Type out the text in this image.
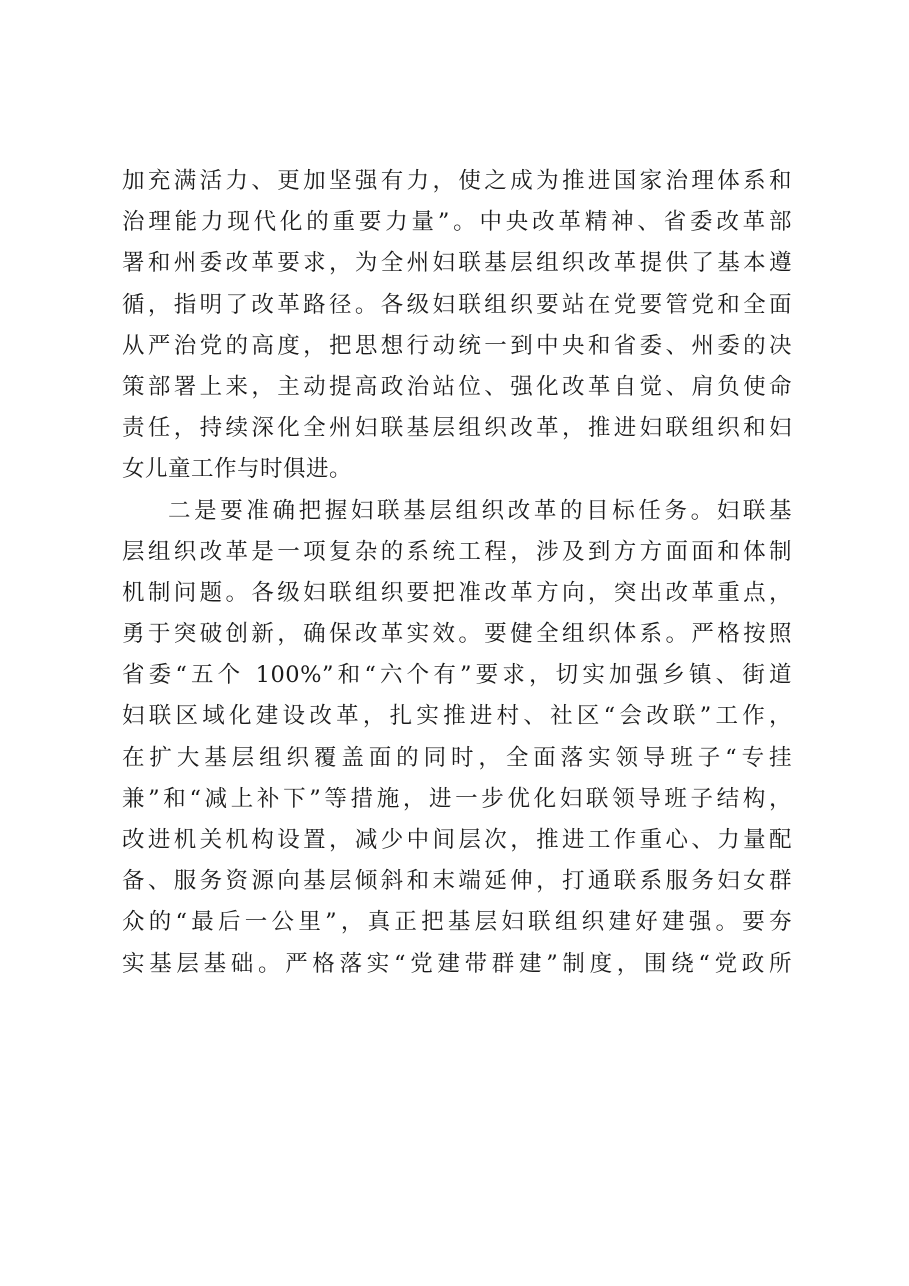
加充满活力、更加坚强有力，使之成为推进国家治理体系和
治理能力现代化的重要力量”。中央改革精神、省委改革部
署和州委改革要求，为全州妇联基层组织改革提供了基本遵
循，指明了改革路径。各级妇联组织要站在党要管党和全面
从严治党的高度，把思想行动统一到中央和省委、州委的决
策部署上来，主动提高政治站位、强化改革自觉、肩负使命
责任，持续深化全州妇联基层组织改革，推进妇联组织和妇
女儿童工作与时俱进。
二是要准确把握妇联基层组织改革的目标任务。妇联基
层组织改革是一项复杂的系统工程，涉及到方方面面和体制
机制问题。各级妇联组织要把准改革方向，突出改革重点，
勇于突破创新，确保改革实效。要健全组织体系。严格按照
省委“五个 100%”和“六个有”要求，切实加强乡镇、街道
妇联区域化建设改革，扎实推进村、社区“会改联”工作，
在扩大基层组织覆盖面的同时，全面落实领导班子“专挂
兼”和“减上补下”等措施，进一步优化妇联领导班子结构，
改进机关机构设置，减少中间层次，推进工作重心、力量配
备、服务资源向基层倾斜和末端延伸，打通联系服务妇女群
众的“最后一公里”，真正把基层妇联组织建好建强。要夯
实基层基础。严格落实“党建带群建”制度，围绕“党政所
